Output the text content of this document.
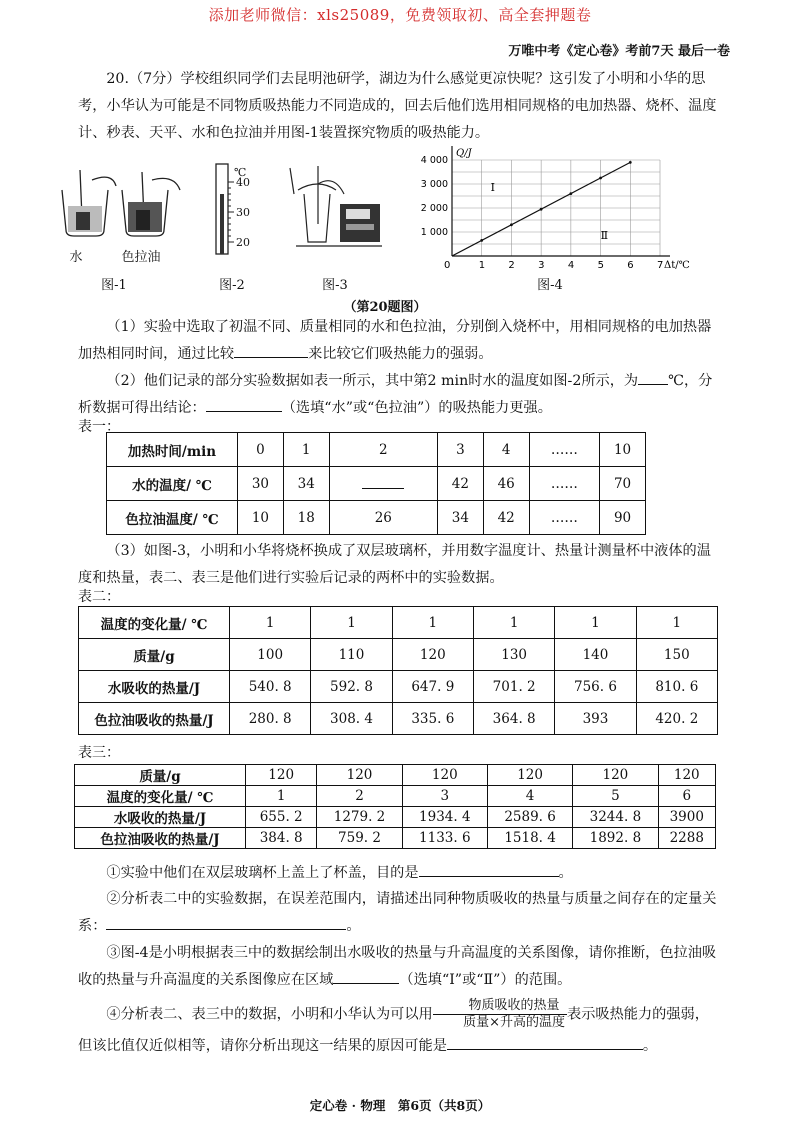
添加老师微信：xls25089，免费领取初、高全套押题卷
万唯中考《定心卷》考前7天 最后一卷
20.（7分）学校组织同学们去昆明池研学，湖边为什么感觉更凉快呢？这引发了小明和小华的思考，小华认为可能是不同物质吸热能力不同造成的，回去后他们选用相同规格的电加热器、烧杯、温度计、秒表、天平、水和色拉油并用图-1装置探究物质的吸热能力。
水	色拉油
图-1
℃
40
30
20
图-2	图-3
0	1 2 3 4 5 6 7
1 000
2 000
3 000
4 000
Q/J
Δt/℃
Ⅰ
Ⅱ
图-4
（第20题图）
（1）实验中选取了初温不同、质量相同的水和色拉油，分别倒入烧杯中，用相同规格的电加热器加热相同时间，通过比较	来比较它们吸热能力的强弱。
（2）他们记录的部分实验数据如表一所示，其中第2 min时水的温度如图-2所示，为 ℃，分析数据可得出结论：	（选填“水”或“色拉油”）的吸热能力更强。
表一：
加热时间/min	0	1	2	3	4	……	10
水的温度/ ℃	30	34		42	46	……	70
色拉油温度/ ℃	10	18	26	34	42	……	90
（3）如图-3，小明和小华将烧杯换成了双层玻璃杯，并用数字温度计、热量计测量杯中液体的温度和热量，表二、表三是他们进行实验后记录的两杯中的实验数据。
表二：
温度的变化量/ ℃	1	1	1	1	1	1
质量/g	100	110	120	130	140	150
水吸收的热量/J	540. 8	592. 8	647. 9	701. 2	756. 6	810. 6
色拉油吸收的热量/J	280. 8	308. 4	335. 6	364. 8	393	420. 2
表三：
质量/g	120	120	120	120	120	120
温度的变化量/ ℃	1	2	3	4	5	6
水吸收的热量/J	655. 2	1279. 2	1934. 4	2589. 6	3244. 8	3900
色拉油吸收的热量/J	384. 8	759. 2	1133. 6	1518. 4	1892. 8	2288
①实验中他们在双层玻璃杯上盖上了杯盖，目的是	。
②分析表二中的实验数据，在误差范围内，请描述出同种物质吸收的热量与质量之间存在的定量关系：	。
③图-4是小明根据表三中的数据绘制出水吸收的热量与升高温度的关系图像，请你推断，色拉油吸收的热量与升高温度的关系图像应在区域	（选填“Ⅰ”或“Ⅱ”）的范围。
④分析表二、表三中的数据，小明和小华认为可以用 $\frac{\text{物质吸收的热量}}{\text{质量×升高的温度}}$ 表示吸热能力的强弱，但该比值仅近似相等，请你分析出现这一结果的原因可能是	。
定心卷 · 物理　第6页（共8页）
